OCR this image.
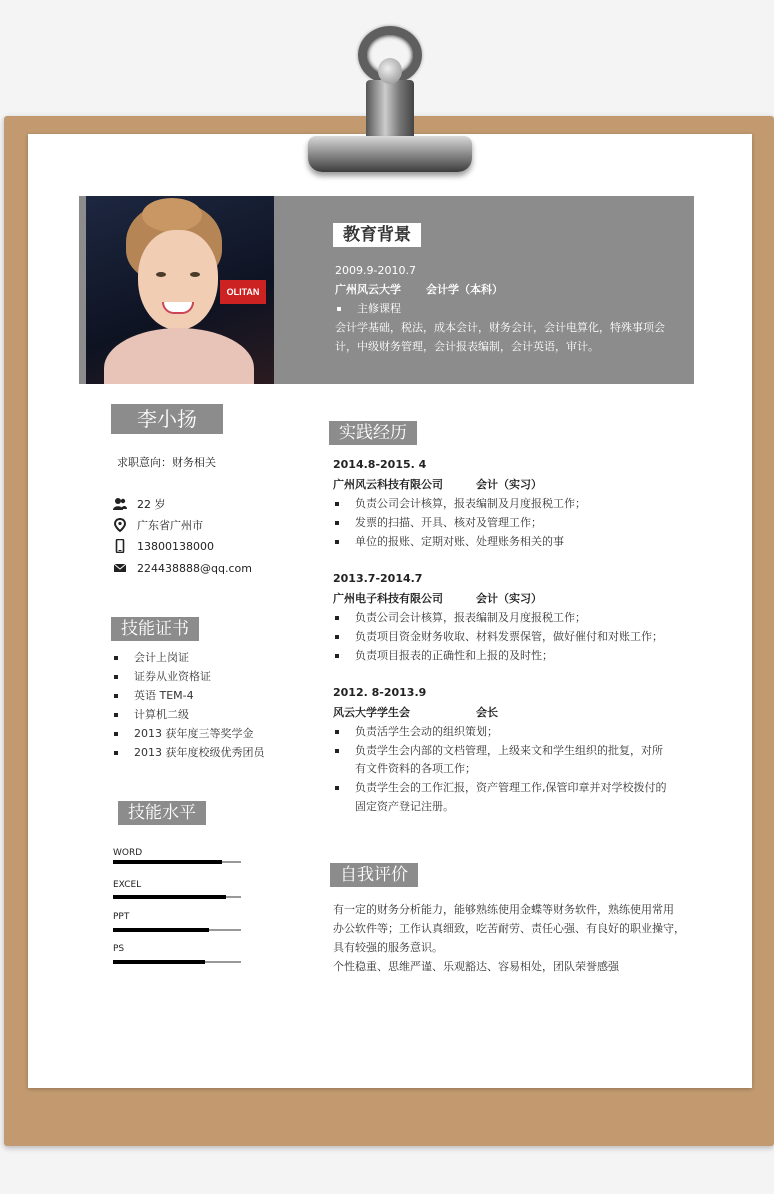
OLITAN
教育背景
2009.9-2010.7
广州风云大学 会计学（本科）
主修课程
会计学基础，税法，成本会计，财务会计，会计电算化，特殊事项会
计，中级财务管理，会计报表编制，会计英语，审计。
李小扬
求职意向：财务相关
22 岁
广东省广州市
13800138000
224438888@qq.com
技能证书
会计上岗证
证券从业资格证
英语 TEM-4
计算机二级
2013 获年度三等奖学金
2013 获年度校级优秀团员
技能水平
WORD
EXCEL
PPT
PS
实践经历
2014.8-2015. 4
广州风云科技有限公司	会计（实习）
负责公司会计核算，报表编制及月度报税工作；
发票的扫描、开具、核对及管理工作；
单位的报账、定期对账、处理账务相关的事
2013.7-2014.7
广州电子科技有限公司	会计（实习）
负责公司会计核算，报表编制及月度报税工作；
负责项目资金财务收取、材料发票保管，做好催付和对账工作；
负责项目报表的正确性和上报的及时性；
2012. 8-2013.9
风云大学学生会	会长
负责活学生会动的组织策划；
负责学生会内部的文档管理，上级来文和学生组织的批复，对所
有文件资料的各项工作；
负责学生会的工作汇报，资产管理工作,保管印章并对学校拨付的
固定资产登记注册。
自我评价
有一定的财务分析能力，能够熟练使用金蝶等财务软件，熟练使用常用
办公软件等；工作认真细致，吃苦耐劳、责任心强、有良好的职业操守，
具有较强的服务意识。
个性稳重、思维严谨、乐观豁达、容易相处，团队荣誉感强
